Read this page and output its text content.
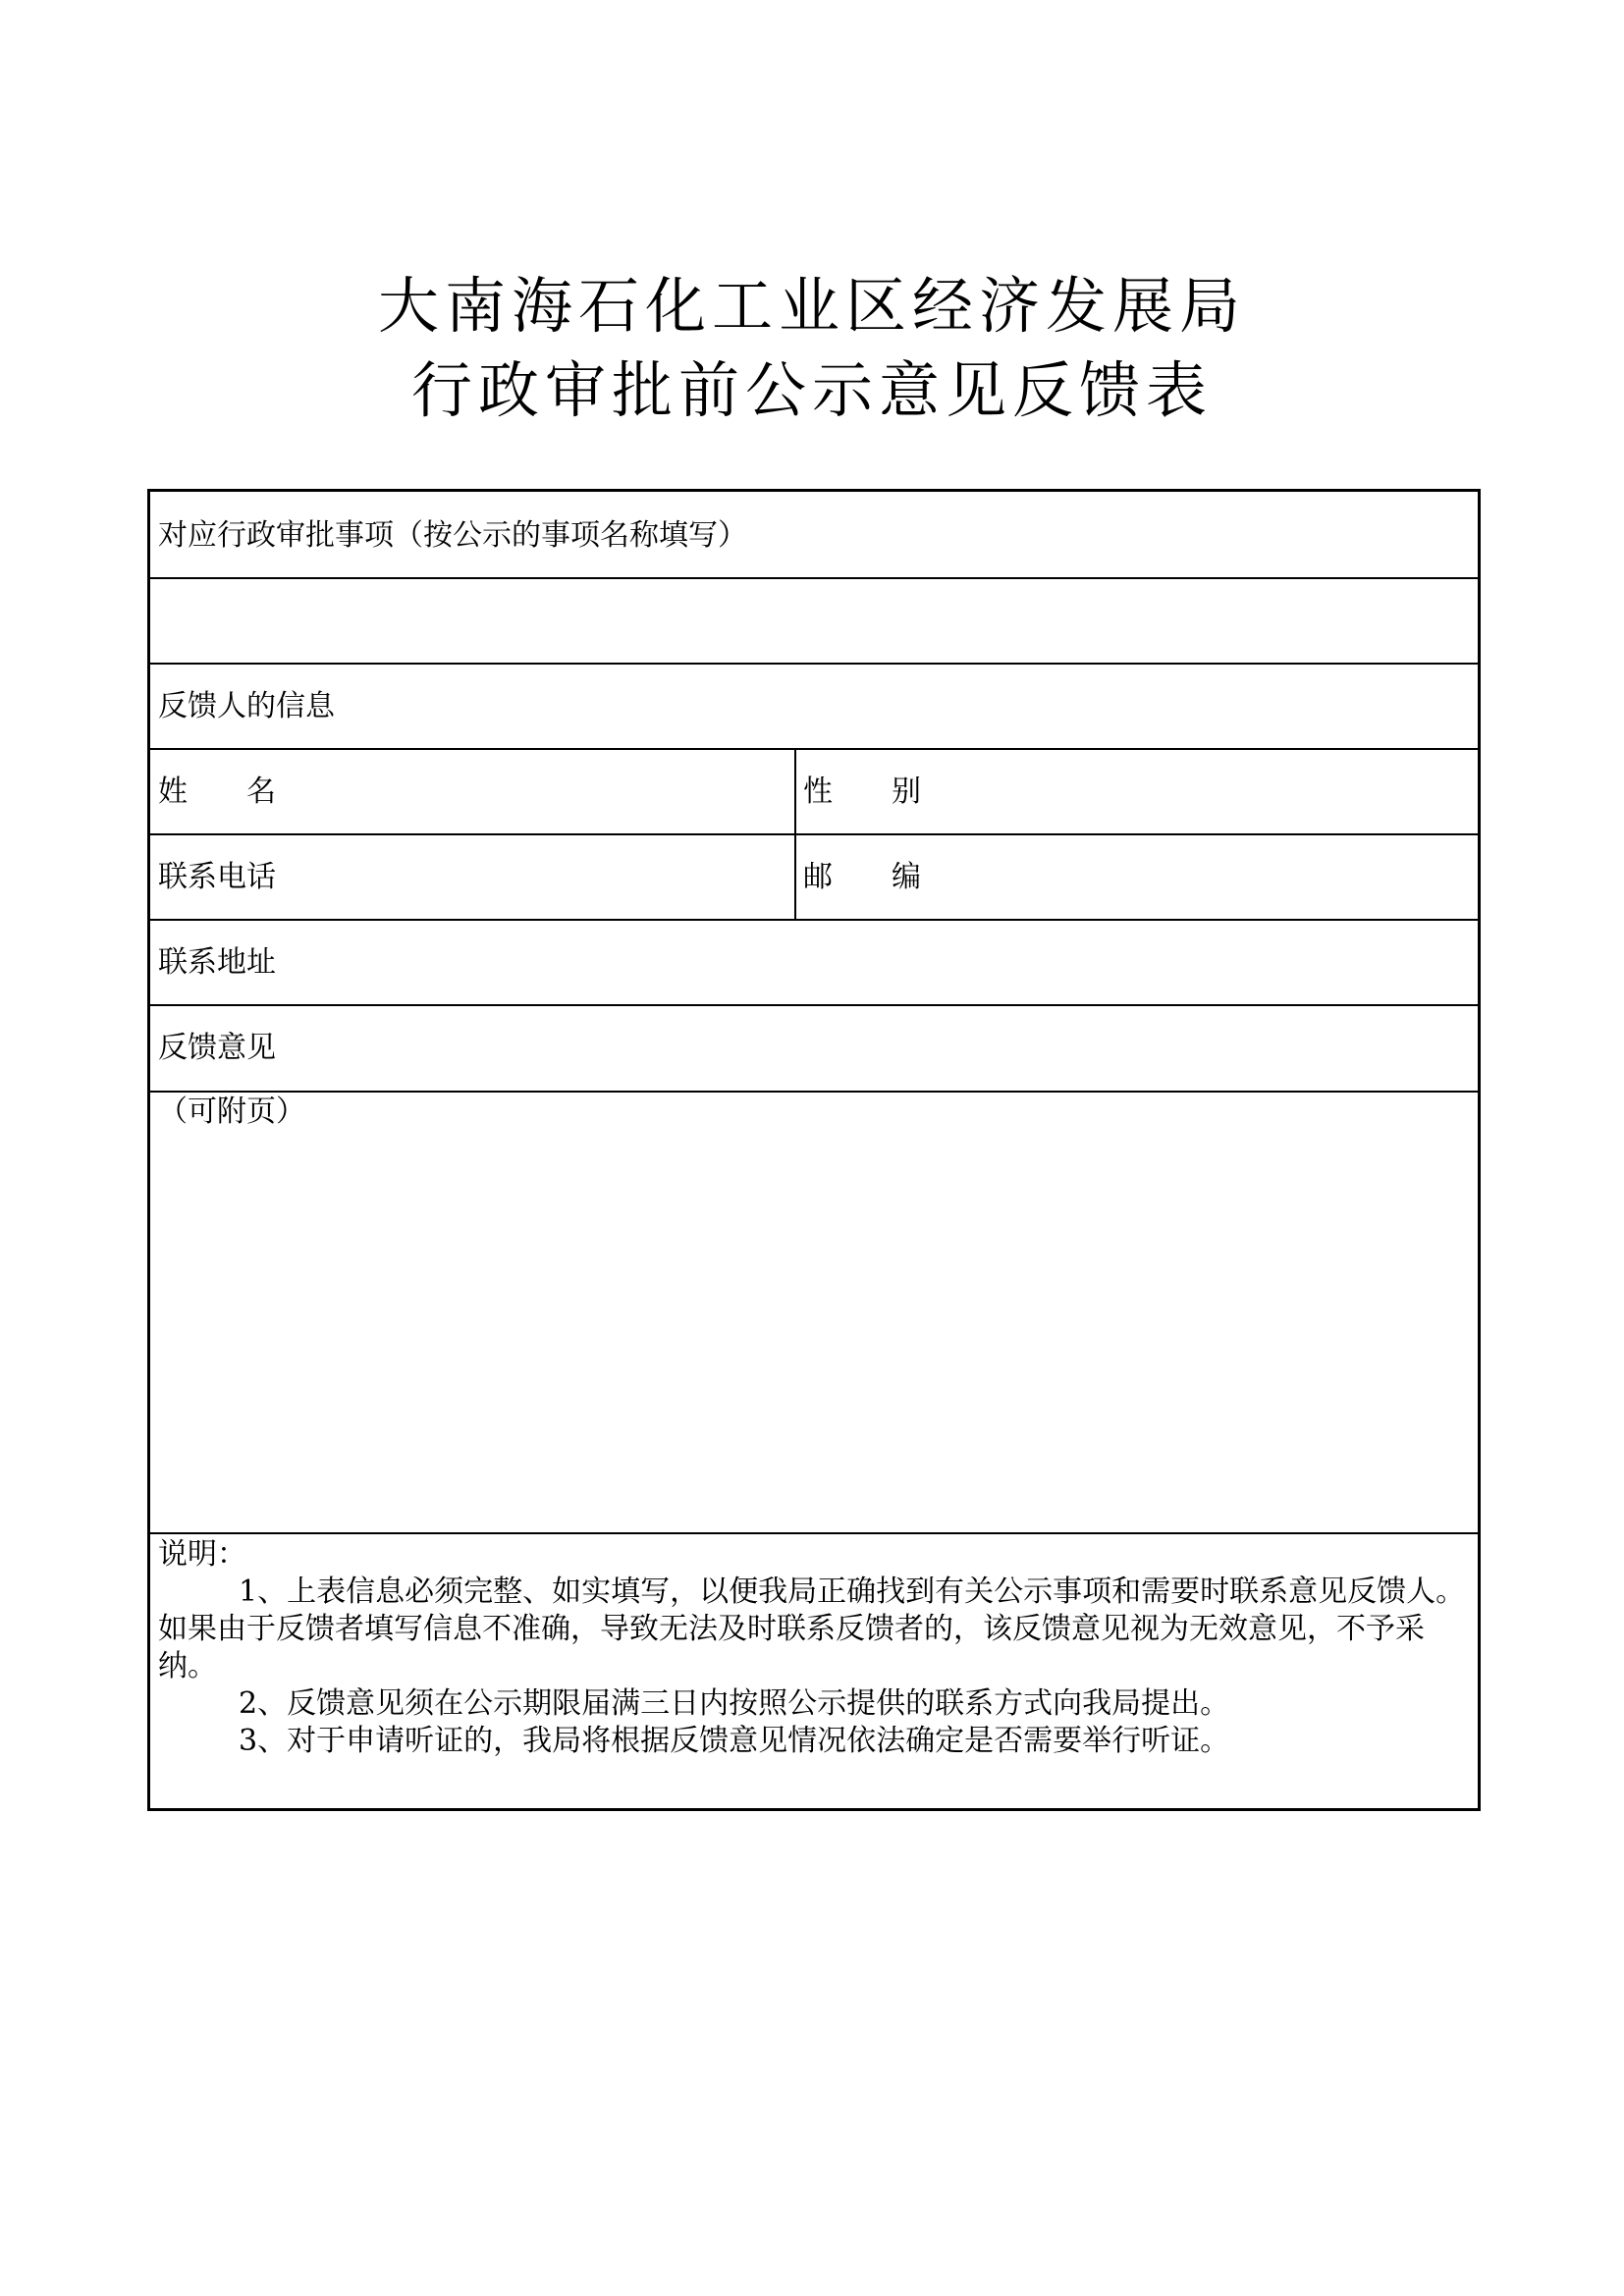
大南海石化工业区经济发展局
行政审批前公示意见反馈表
对应行政审批事项（按公示的事项名称填写）
反馈人的信息
姓　　名	性　　别
联系电话	邮　　编
联系地址
反馈意见
（可附页）

说明：

1、上表信息必须完整、如实填写，以便我局正确找到有关公示事项和需要时联系意见反馈人。如果由于反馈者填写信息不准确，导致无法及时联系反馈者的，该反馈意见视为无效意见，不予采纳。

2、反馈意见须在公示期限届满三日内按照公示提供的联系方式向我局提出。

3、对于申请听证的，我局将根据反馈意见情况依法确定是否需要举行听证。
